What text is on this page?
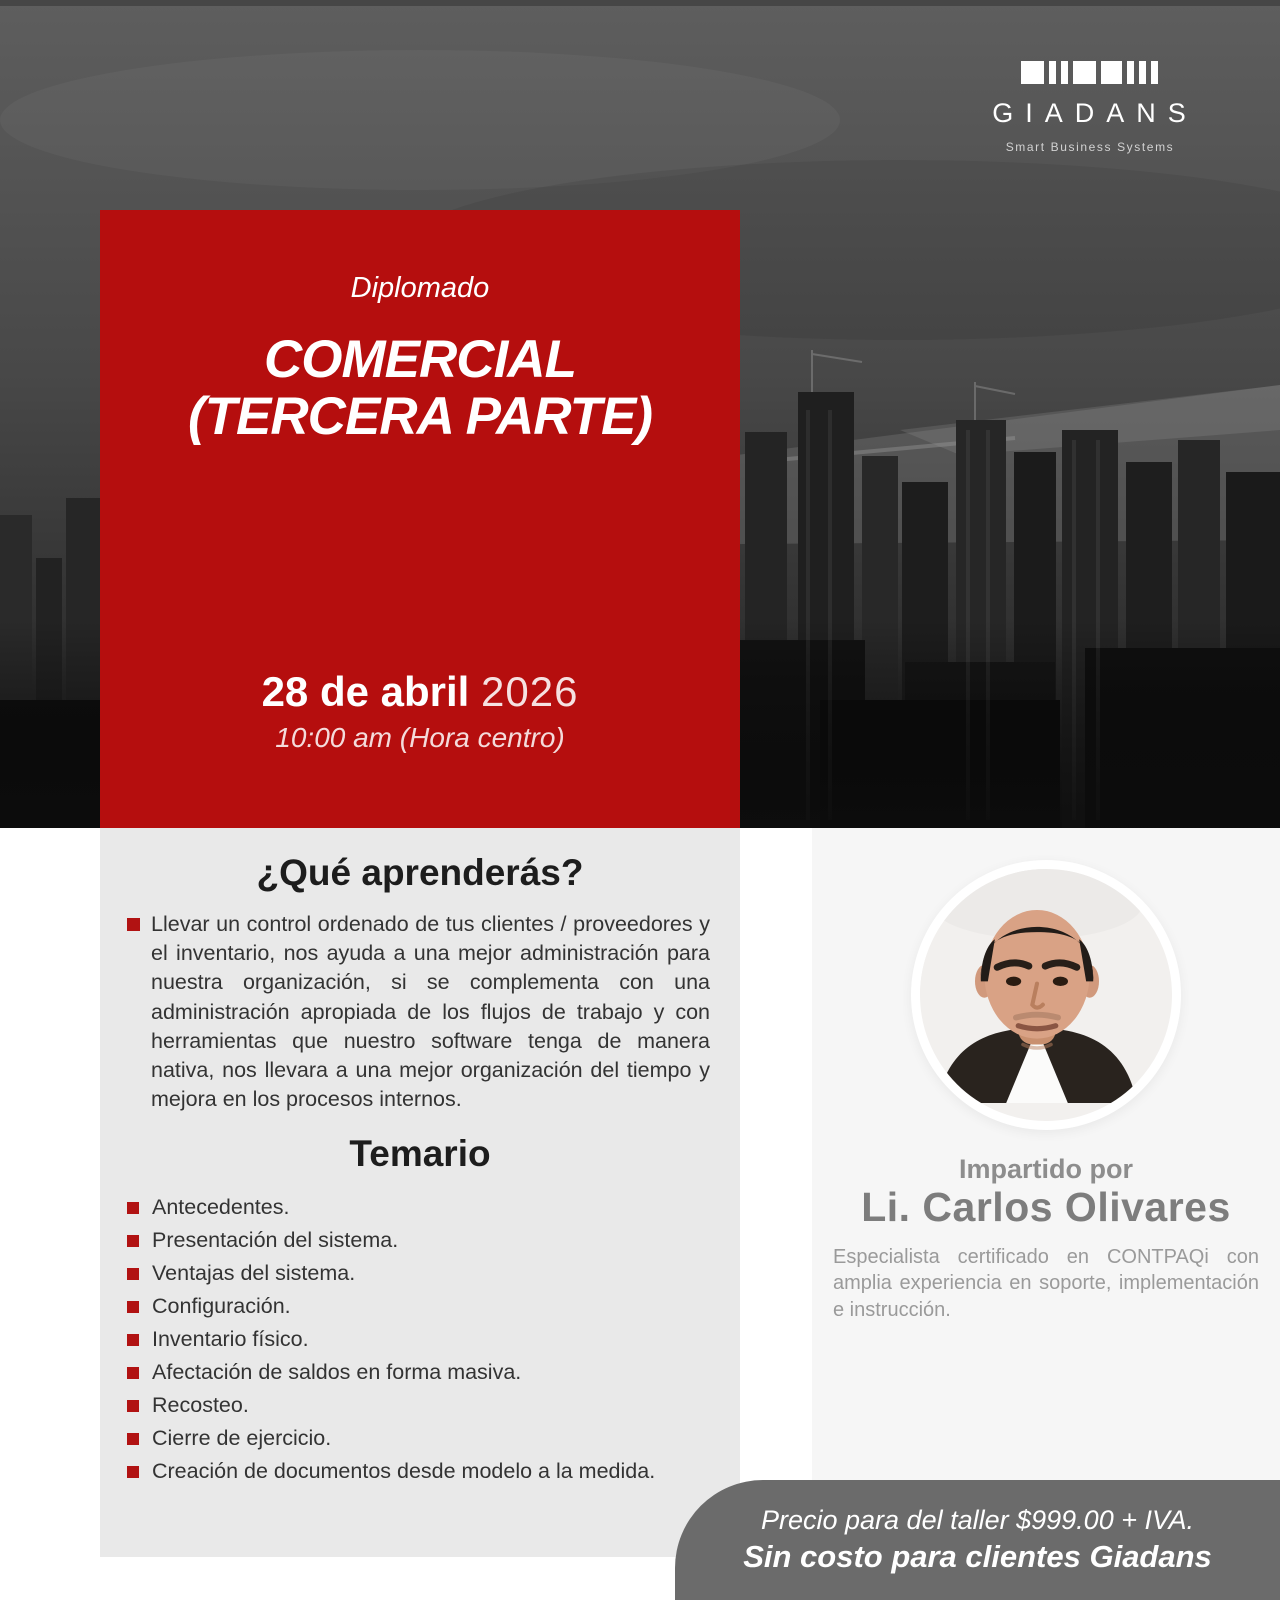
GIADANS
Smart Business Systems
Diplomado
COMERCIAL
(TERCERA PARTE)
28 de abril 2026
10:00 am (Hora centro)
¿Qué aprenderás?

Llevar un control ordenado de tus clientes / proveedores y el inventario, nos ayuda a una mejor administración para nuestra organización, si se complementa con una administración apropiada de los flujos de trabajo y con herramientas que nuestro software tenga de manera nativa, nos llevara a una mejor organización del tiempo y mejora en los procesos internos.

Temario
Antecedentes.
Presentación del sistema.
Ventajas del sistema.
Configuración.
Inventario físico.
Afectación de saldos en forma masiva.
Recosteo.
Cierre de ejercicio.
Creación de documentos desde modelo a la medida.
Impartido por
Li. Carlos Olivares

Especialista certificado en CONTPAQi con amplia experiencia en soporte, implementación e instrucción.

Precio para del taller $999.00 + IVA.
Sin costo para clientes Giadans
